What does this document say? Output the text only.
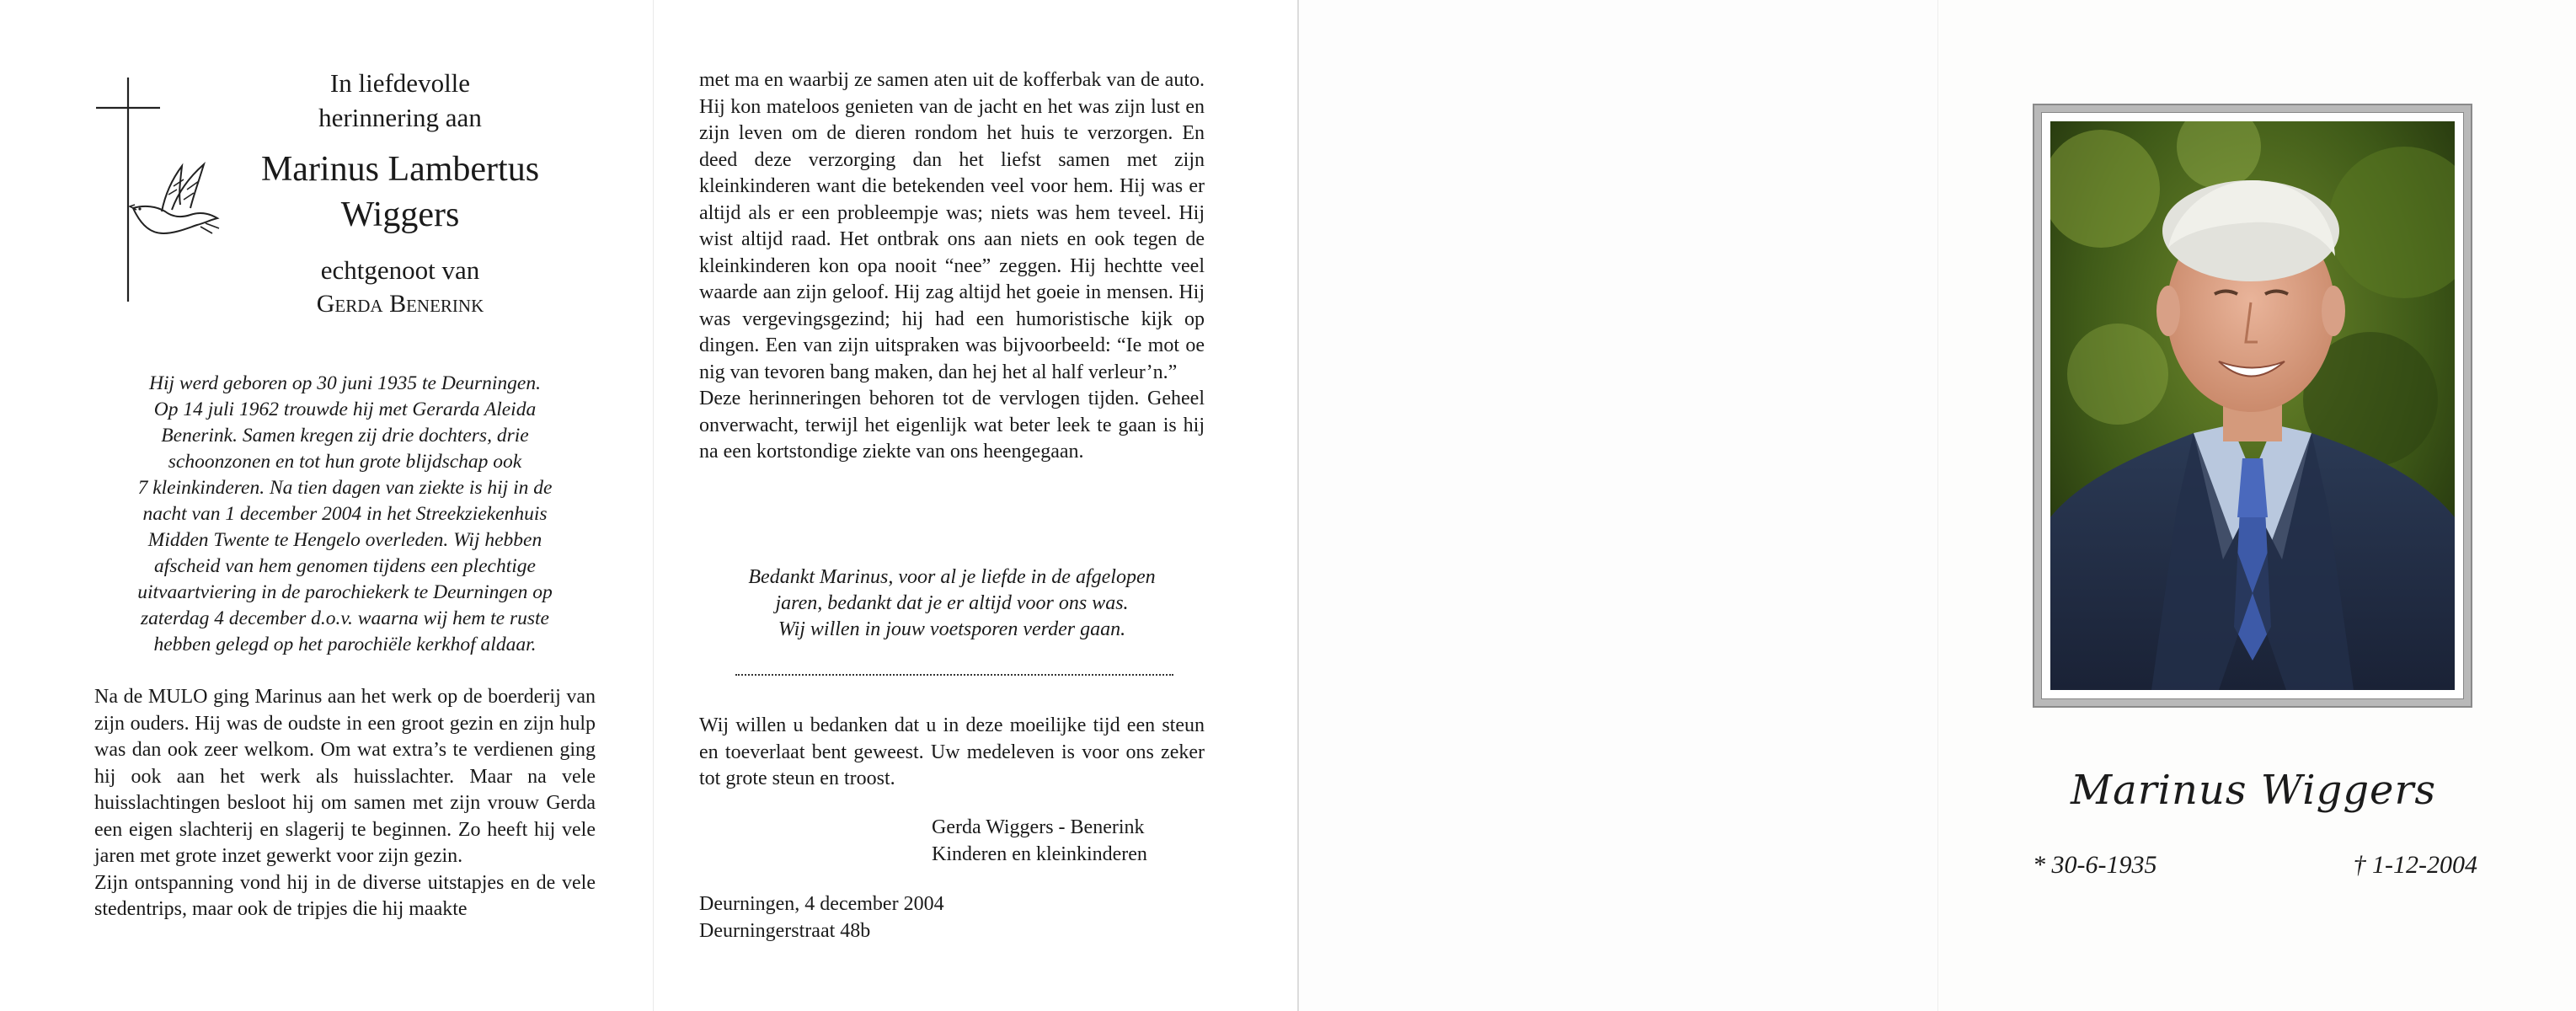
In liefdevolle
herinnering aan
Marinus Lambertus
Wiggers
echtgenoot van
Gerda Benerink
Hij werd geboren op 30 juni 1935 te Deurningen.
Op 14 juli 1962 trouwde hij met Gerarda Aleida
Benerink. Samen kregen zij drie dochters, drie
schoonzonen en tot hun grote blijdschap ook
7 kleinkinderen. Na tien dagen van ziekte is hij in de
nacht van 1 december 2004 in het Streekziekenhuis
Midden Twente te Hengelo overleden. Wij hebben
afscheid van hem genomen tijdens een plechtige
uitvaartviering in de parochiekerk te Deurningen op
zaterdag 4 december d.o.v. waarna wij hem te ruste
hebben gelegd op het parochiële kerkhof aldaar.

Na de MULO ging Marinus aan het werk op de boerderij van zijn ouders. Hij was de oudste in een groot gezin en zijn hulp was dan ook zeer welkom. Om wat extra’s te verdienen ging hij ook aan het werk als huisslachter. Maar na vele huisslachtingen besloot hij om samen met zijn vrouw Gerda een eigen slachterij en slagerij te beginnen. Zo heeft hij vele jaren met grote inzet gewerkt voor zijn gezin.

Zijn ontspanning vond hij in de diverse uitstapjes en de vele stedentrips, maar ook de tripjes die hij maakte

met ma en waarbij ze samen aten uit de kofferbak van de auto. Hij kon mateloos genieten van de jacht en het was zijn lust en zijn leven om de dieren rondom het huis te verzorgen. En deed deze verzorging dan het liefst samen met zijn kleinkinderen want die betekenden veel voor hem. Hij was er altijd als er een probleempje was; niets was hem teveel. Hij wist altijd raad. Het ontbrak ons aan niets en ook tegen de kleinkinderen kon opa nooit “nee” zeggen. Hij hechtte veel waarde aan zijn geloof. Hij zag altijd het goeie in mensen. Hij was vergevingsgezind; hij had een humoristische kijk op dingen. Een van zijn uitspraken was bijvoorbeeld: “Ie mot oe nig van tevoren bang maken, dan hej het al half verleur’n.”

Deze herinneringen behoren tot de vervlogen tijden. Geheel onverwacht, terwijl het eigenlijk wat beter leek te gaan is hij na een kortstondige ziekte van ons heengegaan.

Bedankt Marinus, voor al je liefde in de afgelopen
jaren, bedankt dat je er altijd voor ons was.
Wij willen in jouw voetsporen verder gaan.

Wij willen u bedanken dat u in deze moeilijke tijd een steun en toeverlaat bent geweest. Uw medeleven is voor ons zeker tot grote steun en troost.

Gerda Wiggers - Benerink
Kinderen en kleinkinderen
Deurningen, 4 december 2004
Deurningerstraat 48b
Marinus Wiggers
* 30-6-1935	† 1-12-2004
